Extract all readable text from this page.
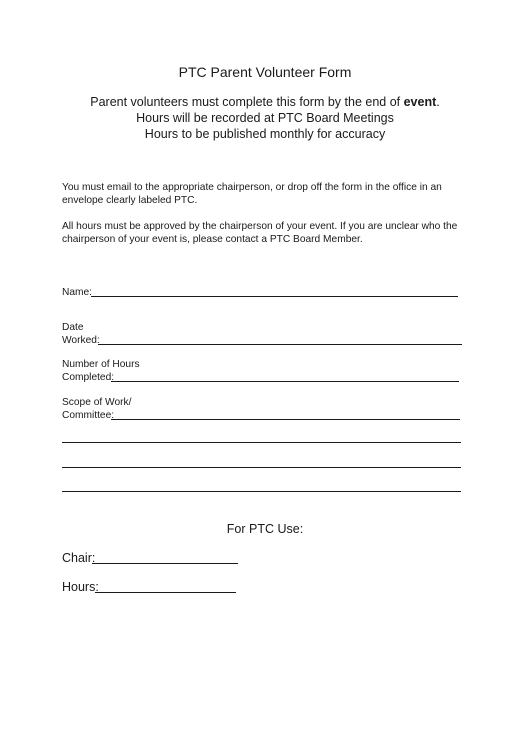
PTC Parent Volunteer Form
Parent volunteers must complete this form by the end of event.
Hours will be recorded at PTC Board Meetings
Hours to be published monthly for accuracy
You must email to the appropriate chairperson, or drop off the form in the office in an envelope clearly labeled PTC.
All hours must be approved by the chairperson of your event. If you are unclear who the chairperson of your event is, please contact a PTC Board Member.
Name:
Date
Worked:
Number of Hours
Completed:
Scope of Work/
Committee:
For PTC Use:
Chair:
Hours:
